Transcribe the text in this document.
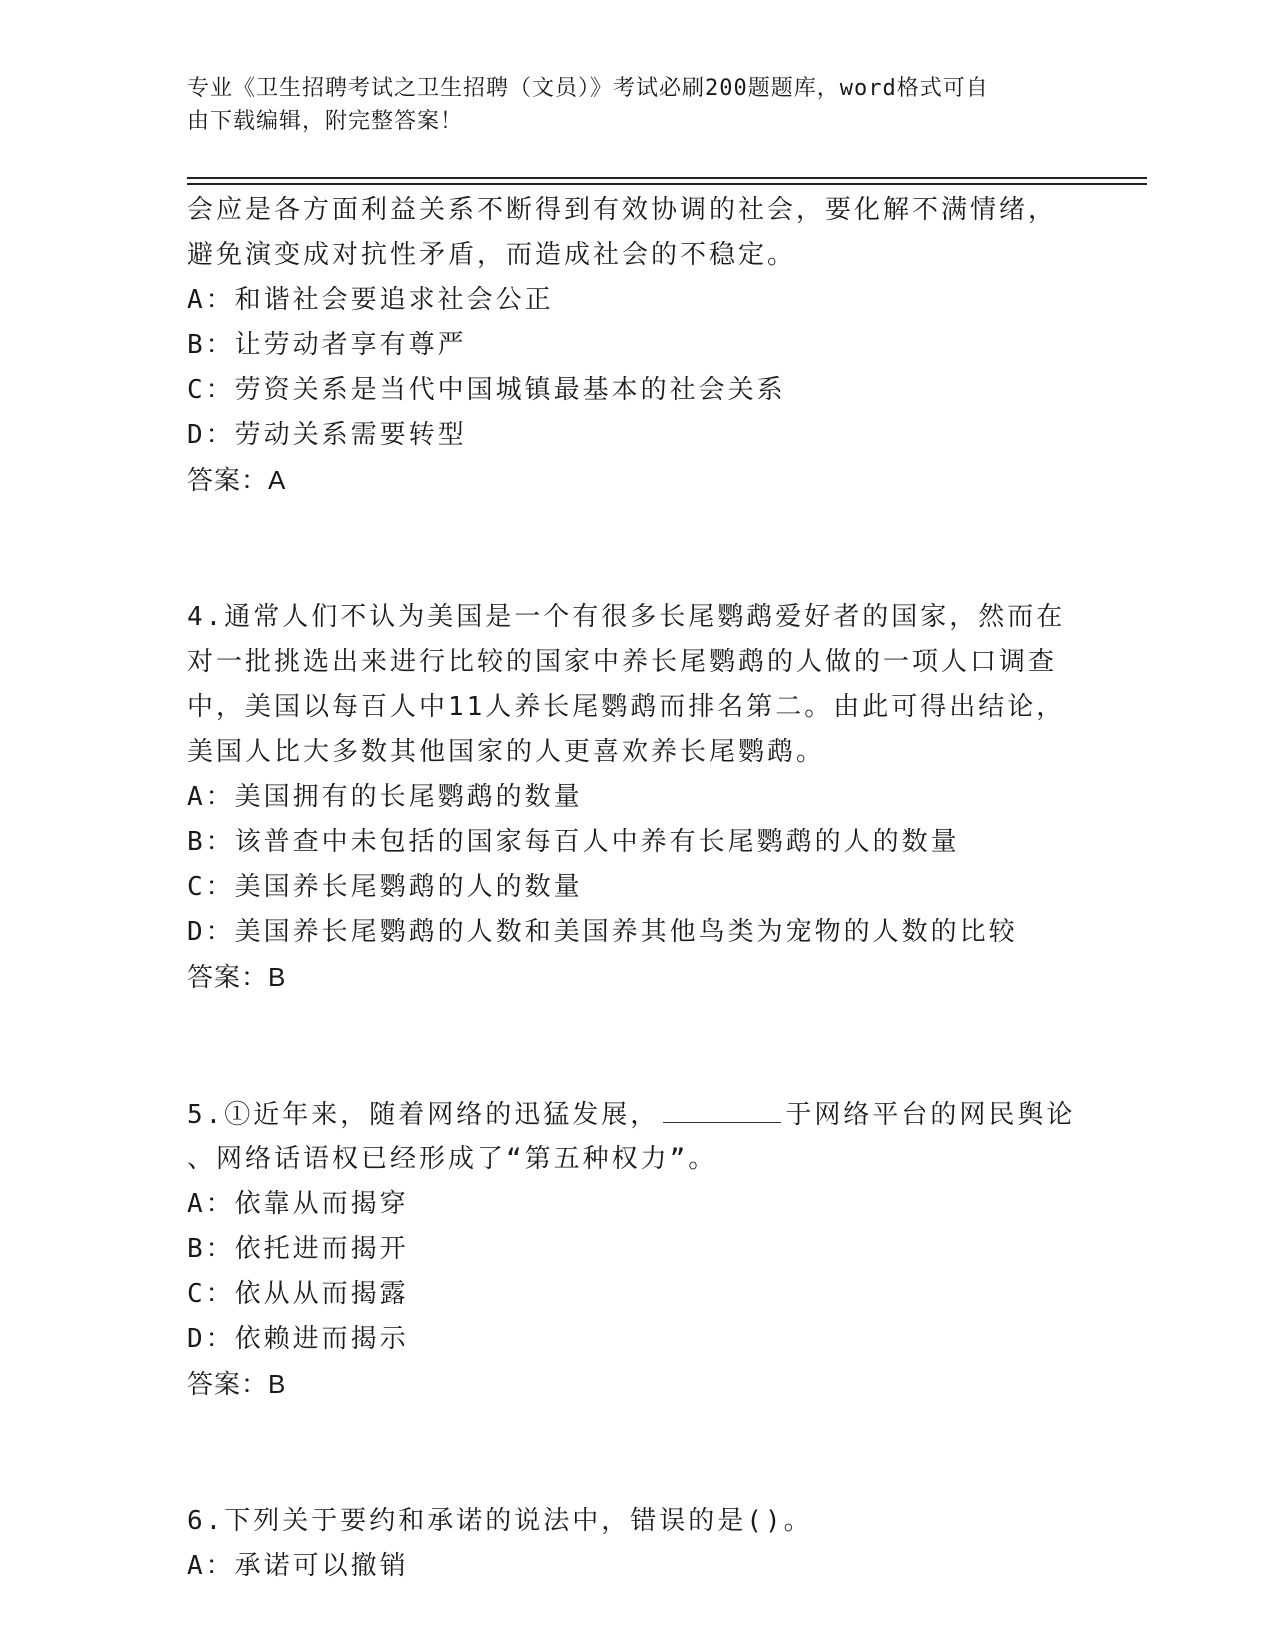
专业《卫生招聘考试之卫生招聘（文员）》考试必刷200题题库，word格式可自
由下载编辑，附完整答案！
会应是各方面利益关系不断得到有效协调的社会，要化解不满情绪，
避免演变成对抗性矛盾，而造成社会的不稳定。
A：和谐社会要追求社会公正
B：让劳动者享有尊严
C：劳资关系是当代中国城镇最基本的社会关系
D：劳动关系需要转型
答案：A
4.通常人们不认为美国是一个有很多长尾鹦鹉爱好者的国家，然而在
对一批挑选出来进行比较的国家中养长尾鹦鹉的人做的一项人口调查
中，美国以每百人中11人养长尾鹦鹉而排名第二。由此可得出结论，
美国人比大多数其他国家的人更喜欢养长尾鹦鹉。
A：美国拥有的长尾鹦鹉的数量
B：该普查中未包括的国家每百人中养有长尾鹦鹉的人的数量
C：美国养长尾鹦鹉的人的数量
D：美国养长尾鹦鹉的人数和美国养其他鸟类为宠物的人数的比较
答案：B
5.①近年来，随着网络的迅猛发展，	于网络平台的网民舆论
、网络话语权已经形成了“第五种权力”。
A：依靠从而揭穿
B：依托进而揭开
C：依从从而揭露
D：依赖进而揭示
答案：B
6.下列关于要约和承诺的说法中，错误的是()。
A：承诺可以撤销
